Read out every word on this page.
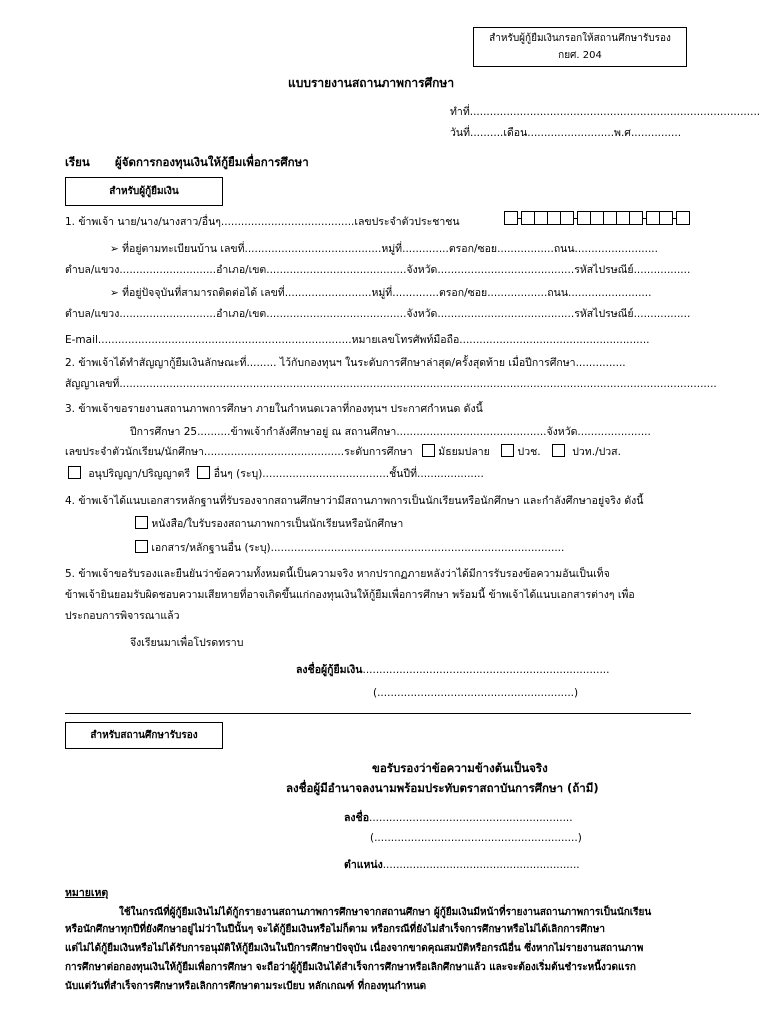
สำหรับผู้กู้ยืมเงินกรอกให้สถานศึกษารับรอง
กยศ. 204
แบบรายงานสถานภาพการศึกษา
ทำที่.......................................................................................
วันที่..........เดือน..........................พ.ศ...............
เรียน ผู้จัดการกองทุนเงินให้กู้ยืมเพื่อการศึกษา
สำหรับผู้กู้ยืมเงิน
1. ข้าพเจ้า นาย/นาง/นางสาว/อื่นๆ........................................เลขประจำตัวประชาชน
➢ ที่อยู่ตามทะเบียนบ้าน เลขที่.........................................หมู่ที่..............ตรอก/ซอย.................ถนน.........................
ตำบล/แขวง.............................อำเภอ/เขต..........................................จังหวัด.........................................รหัสไปรษณีย์.................
➢ ที่อยู่ปัจจุบันที่สามารถติดต่อได้ เลขที่..........................หมู่ที่..............ตรอก/ซอย..................ถนน.........................
ตำบล/แขวง.............................อำเภอ/เขต..........................................จังหวัด.........................................รหัสไปรษณีย์.................
E-mail............................................................................หมายเลขโทรศัพท์มือถือ.........................................................
2. ข้าพเจ้าได้ทำสัญญากู้ยืมเงินลักษณะที่......... ไว้กับกองทุนฯ ในระดับการศึกษาล่าสุด/ครั้งสุดท้าย เมื่อปีการศึกษา...............
สัญญาเลขที่...................................................................................................................................................................................
3. ข้าพเจ้าขอรายงานสถานภาพการศึกษา ภายในกำหนดเวลาที่กองทุนฯ ประกาศกำหนด ดังนี้
ปีการศึกษา 25..........ข้าพเจ้ากำลังศึกษาอยู่ ณ สถานศึกษา.............................................จังหวัด......................
เลขประจำตัวนักเรียน/นักศึกษา..........................................ระดับการศึกษา มัธยมปลาย	ปวช.	ปวท./ปวส.
อนุปริญญา/ปริญญาตรี อื่นๆ (ระบุ)......................................ชั้นปีที่....................
4. ข้าพเจ้าได้แนบเอกสารหลักฐานที่รับรองจากสถานศึกษาว่ามีสถานภาพการเป็นนักเรียนหรือนักศึกษา และกำลังศึกษาอยู่จริง ดังนี้
หนังสือ/ใบรับรองสถานภาพการเป็นนักเรียนหรือนักศึกษา
เอกสาร/หลักฐานอื่น (ระบุ)........................................................................................
5. ข้าพเจ้าขอรับรองและยืนยันว่าข้อความทั้งหมดนี้เป็นความจริง หากปรากฏภายหลังว่าได้มีการรับรองข้อความอันเป็นเท็จ
ข้าพเจ้ายินยอมรับผิดชอบความเสียหายที่อาจเกิดขึ้นแก่กองทุนเงินให้กู้ยืมเพื่อการศึกษา พร้อมนี้ ข้าพเจ้าได้แนบเอกสารต่างๆ เพื่อ
ประกอบการพิจารณาแล้ว
จึงเรียนมาเพื่อโปรดทราบ
ลงชื่อผู้กู้ยืมเงิน..........................................................................
(...........................................................)
สำหรับสถานศึกษารับรอง
ขอรับรองว่าข้อความข้างต้นเป็นจริง
ลงชื่อผู้มีอำนาจลงนามพร้อมประทับตราสถาบันการศึกษา (ถ้ามี)
ลงชื่อ.............................................................
(.............................................................)
ตำแหน่ง...........................................................
หมายเหตุ
ใช้ในกรณีที่ผู้กู้ยืมเงินไม่ได้กู้กรายงานสถานภาพการศึกษาจากสถานศึกษา ผู้กู้ยืมเงินมีหน้าที่รายงานสถานภาพการเป็นนักเรียน
หรือนักศึกษาทุกปีที่ยังศึกษาอยู่ไม่ว่าในปีนั้นๆ จะได้กู้ยืมเงินหรือไม่ก็ตาม หรือกรณีที่ยังไม่สำเร็จการศึกษาหรือไม่ได้เลิกการศึกษา
แต่ไม่ได้กู้ยืมเงินหรือไม่ได้รับการอนุมัติให้กู้ยืมเงินในปีการศึกษาปัจจุบัน เนื่องจากขาดคุณสมบัติหรือกรณีอื่น ซึ่งหากไม่รายงานสถานภาพ
การศึกษาต่อกองทุนเงินให้กู้ยืมเพื่อการศึกษา จะถือว่าผู้กู้ยืมเงินได้สำเร็จการศึกษาหรือเลิกศึกษาแล้ว และจะต้องเริ่มต้นชำระหนี้งวดแรก
นับแต่วันที่สำเร็จการศึกษาหรือเลิกการศึกษาตามระเบียบ หลักเกณฑ์ ที่กองทุนกำหนด
